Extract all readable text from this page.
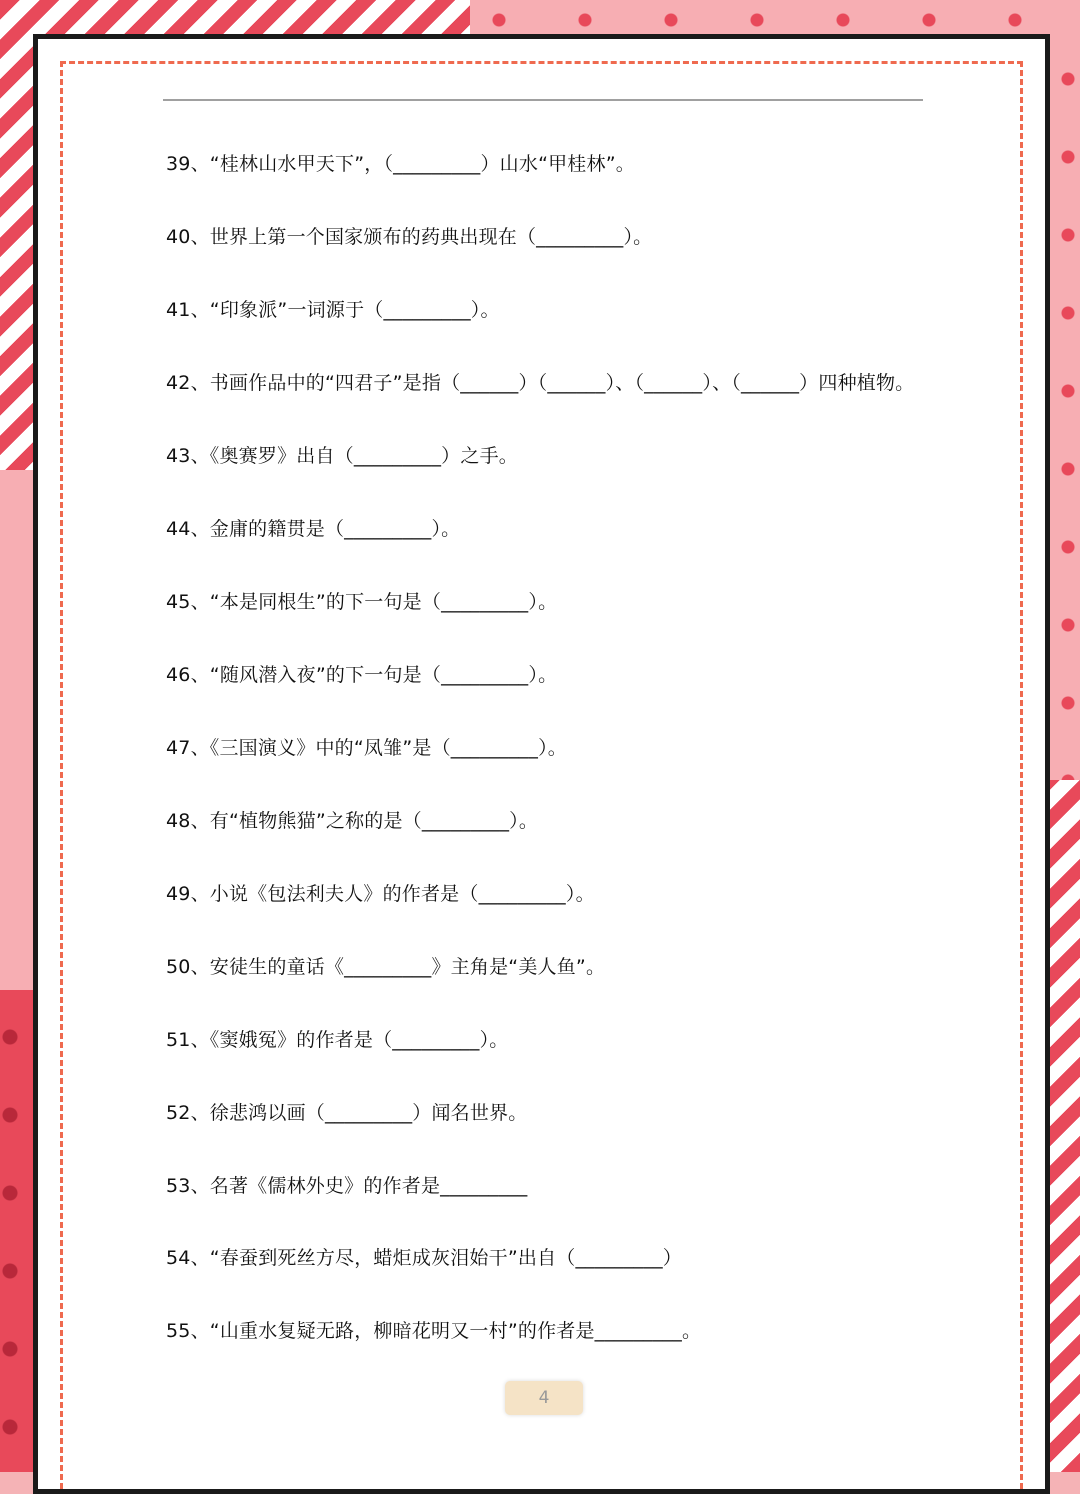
39、“桂林山水甲天下”，（_________）山水“甲桂林”。

40、世界上第一个国家颁布的药典出现在（_________）。

41、“印象派”一词源于（_________）。

42、书画作品中的“四君子”是指（______）（______）、（______）、（______）四种植物。

43、《奥赛罗》出自（_________）之手。

44、金庸的籍贯是（_________）。

45、“本是同根生”的下一句是（_________）。

46、“随风潜入夜”的下一句是（_________）。

47、《三国演义》中的“凤雏”是（_________）。

48、有“植物熊猫”之称的是（_________）。

49、小说《包法利夫人》的作者是（_________）。

50、安徒生的童话《_________》主角是“美人鱼”。

51、《窦娥冤》的作者是（_________）。

52、徐悲鸿以画（_________）闻名世界。

53、名著《儒林外史》的作者是_________

54、“春蚕到死丝方尽，蜡炬成灰泪始干”出自（_________）

55、“山重水复疑无路，柳暗花明又一村”的作者是_________。

4
